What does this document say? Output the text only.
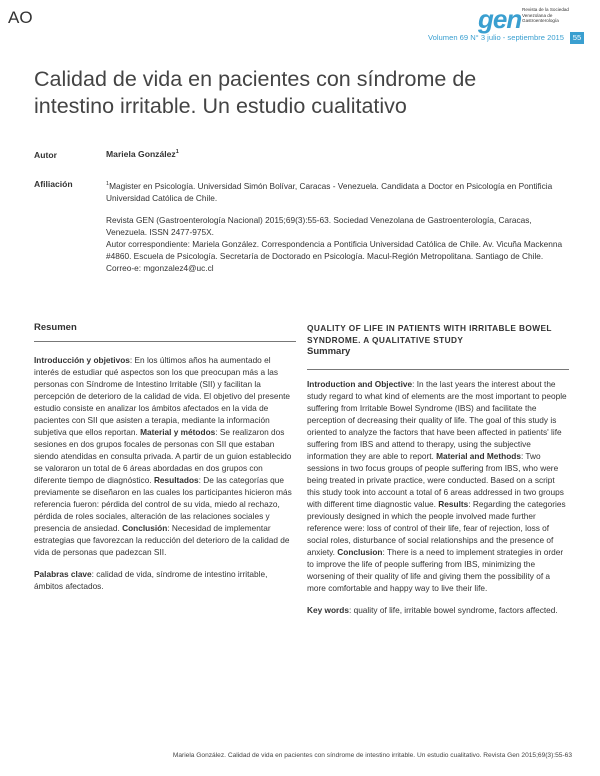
AO	gen Revista de la Sociedad Venezolana de Gastroenterología
Volumen 69 N° 3 julio - septiembre 2015	55
Calidad de vida en pacientes con síndrome de intestino irritable. Un estudio cualitativo
Autor	Mariela González$^1$
Afiliación	$^1$Magister en Psicología. Universidad Simón Bolívar, Caracas - Venezuela. Candidata a Doctor en Psicología en Pontificia Universidad Católica de Chile.

Revista GEN (Gastroenterología Nacional) 2015;69(3):55-63. Sociedad Venezolana de Gastroenterología, Caracas, Venezuela. ISSN 2477-975X.

Autor correspondiente: Mariela González. Correspondencia a Pontificia Universidad Católica de Chile. Av. Vicuña Mackenna #4860. Escuela de Psicología. Secretaría de Doctorado en Psicología. Macul-Región Metropolitana. Santiago de Chile.

Correo-e: mgonzalez4@uc.cl

Resumen

Introducción y objetivos: En los últimos años ha aumentado el interés de estudiar qué aspectos son los que preocupan más a las personas con Síndrome de Intestino Irritable (SII) y facilitan la percepción de deterioro de la calidad de vida. El objetivo del presente estudio consiste en analizar los ámbitos afectados en la vida de pacientes con SII que asisten a terapia, mediante la información subjetiva que ellos reportan. Material y métodos: Se realizaron dos sesiones en dos grupos focales de personas con SII que estaban siendo atendidas en consulta privada. A partir de un guion establecido se valoraron un total de 6 áreas abordadas en dos grupos con diferente tiempo de diagnóstico. Resultados: De las categorías que previamente se diseñaron en las cuales los participantes hicieron más referencia fueron: pérdida del control de su vida, miedo al rechazo, pérdida de roles sociales, alteración de las relaciones sociales y presencia de ansiedad. Conclusión: Necesidad de implementar estrategias que favorezcan la reducción del deterioro de la calidad de vida de personas que padezcan SII.

Palabras clave: calidad de vida, síndrome de intestino irritable, ámbitos afectados.

QUALITY OF LIFE IN PATIENTS WITH IRRITABLE BOWEL SYNDROME. A QUALITATIVE STUDY

Summary

Introduction and Objective: In the last years the interest about the study regard to what kind of elements are the most important to people suffering from Irritable Bowel Syndrome (IBS) and facilitate the perception of decreasing their quality of life. The goal of this study is oriented to analyze the factors that have been affected in patients' life suffering from IBS and attend to therapy, using the subjective information they are able to report. Material and Methods: Two sessions in two focus groups of people suffering from IBS, who were being treated in private practice, were conducted. Based on a script this study took into account a total of 6 areas addressed in two groups with different time diagnostic value. Results: Regarding the categories previously designed in which the people involved made further reference were: loss of control of their life, fear of rejection, loss of social roles, disturbance of social relationships and the presence of anxiety. Conclusion: There is a need to implement strategies in order to improve the life of people suffering from IBS, minimizing the worsening of their quality of life and giving them the possibility of a more comfortable and happy way to live their life.

Key words: quality of life, irritable bowel syndrome, factors affected.

Mariela González. Calidad de vida en pacientes con síndrome de intestino irritable. Un estudio cualitativo. Revista Gen 2015;69(3):55-63
